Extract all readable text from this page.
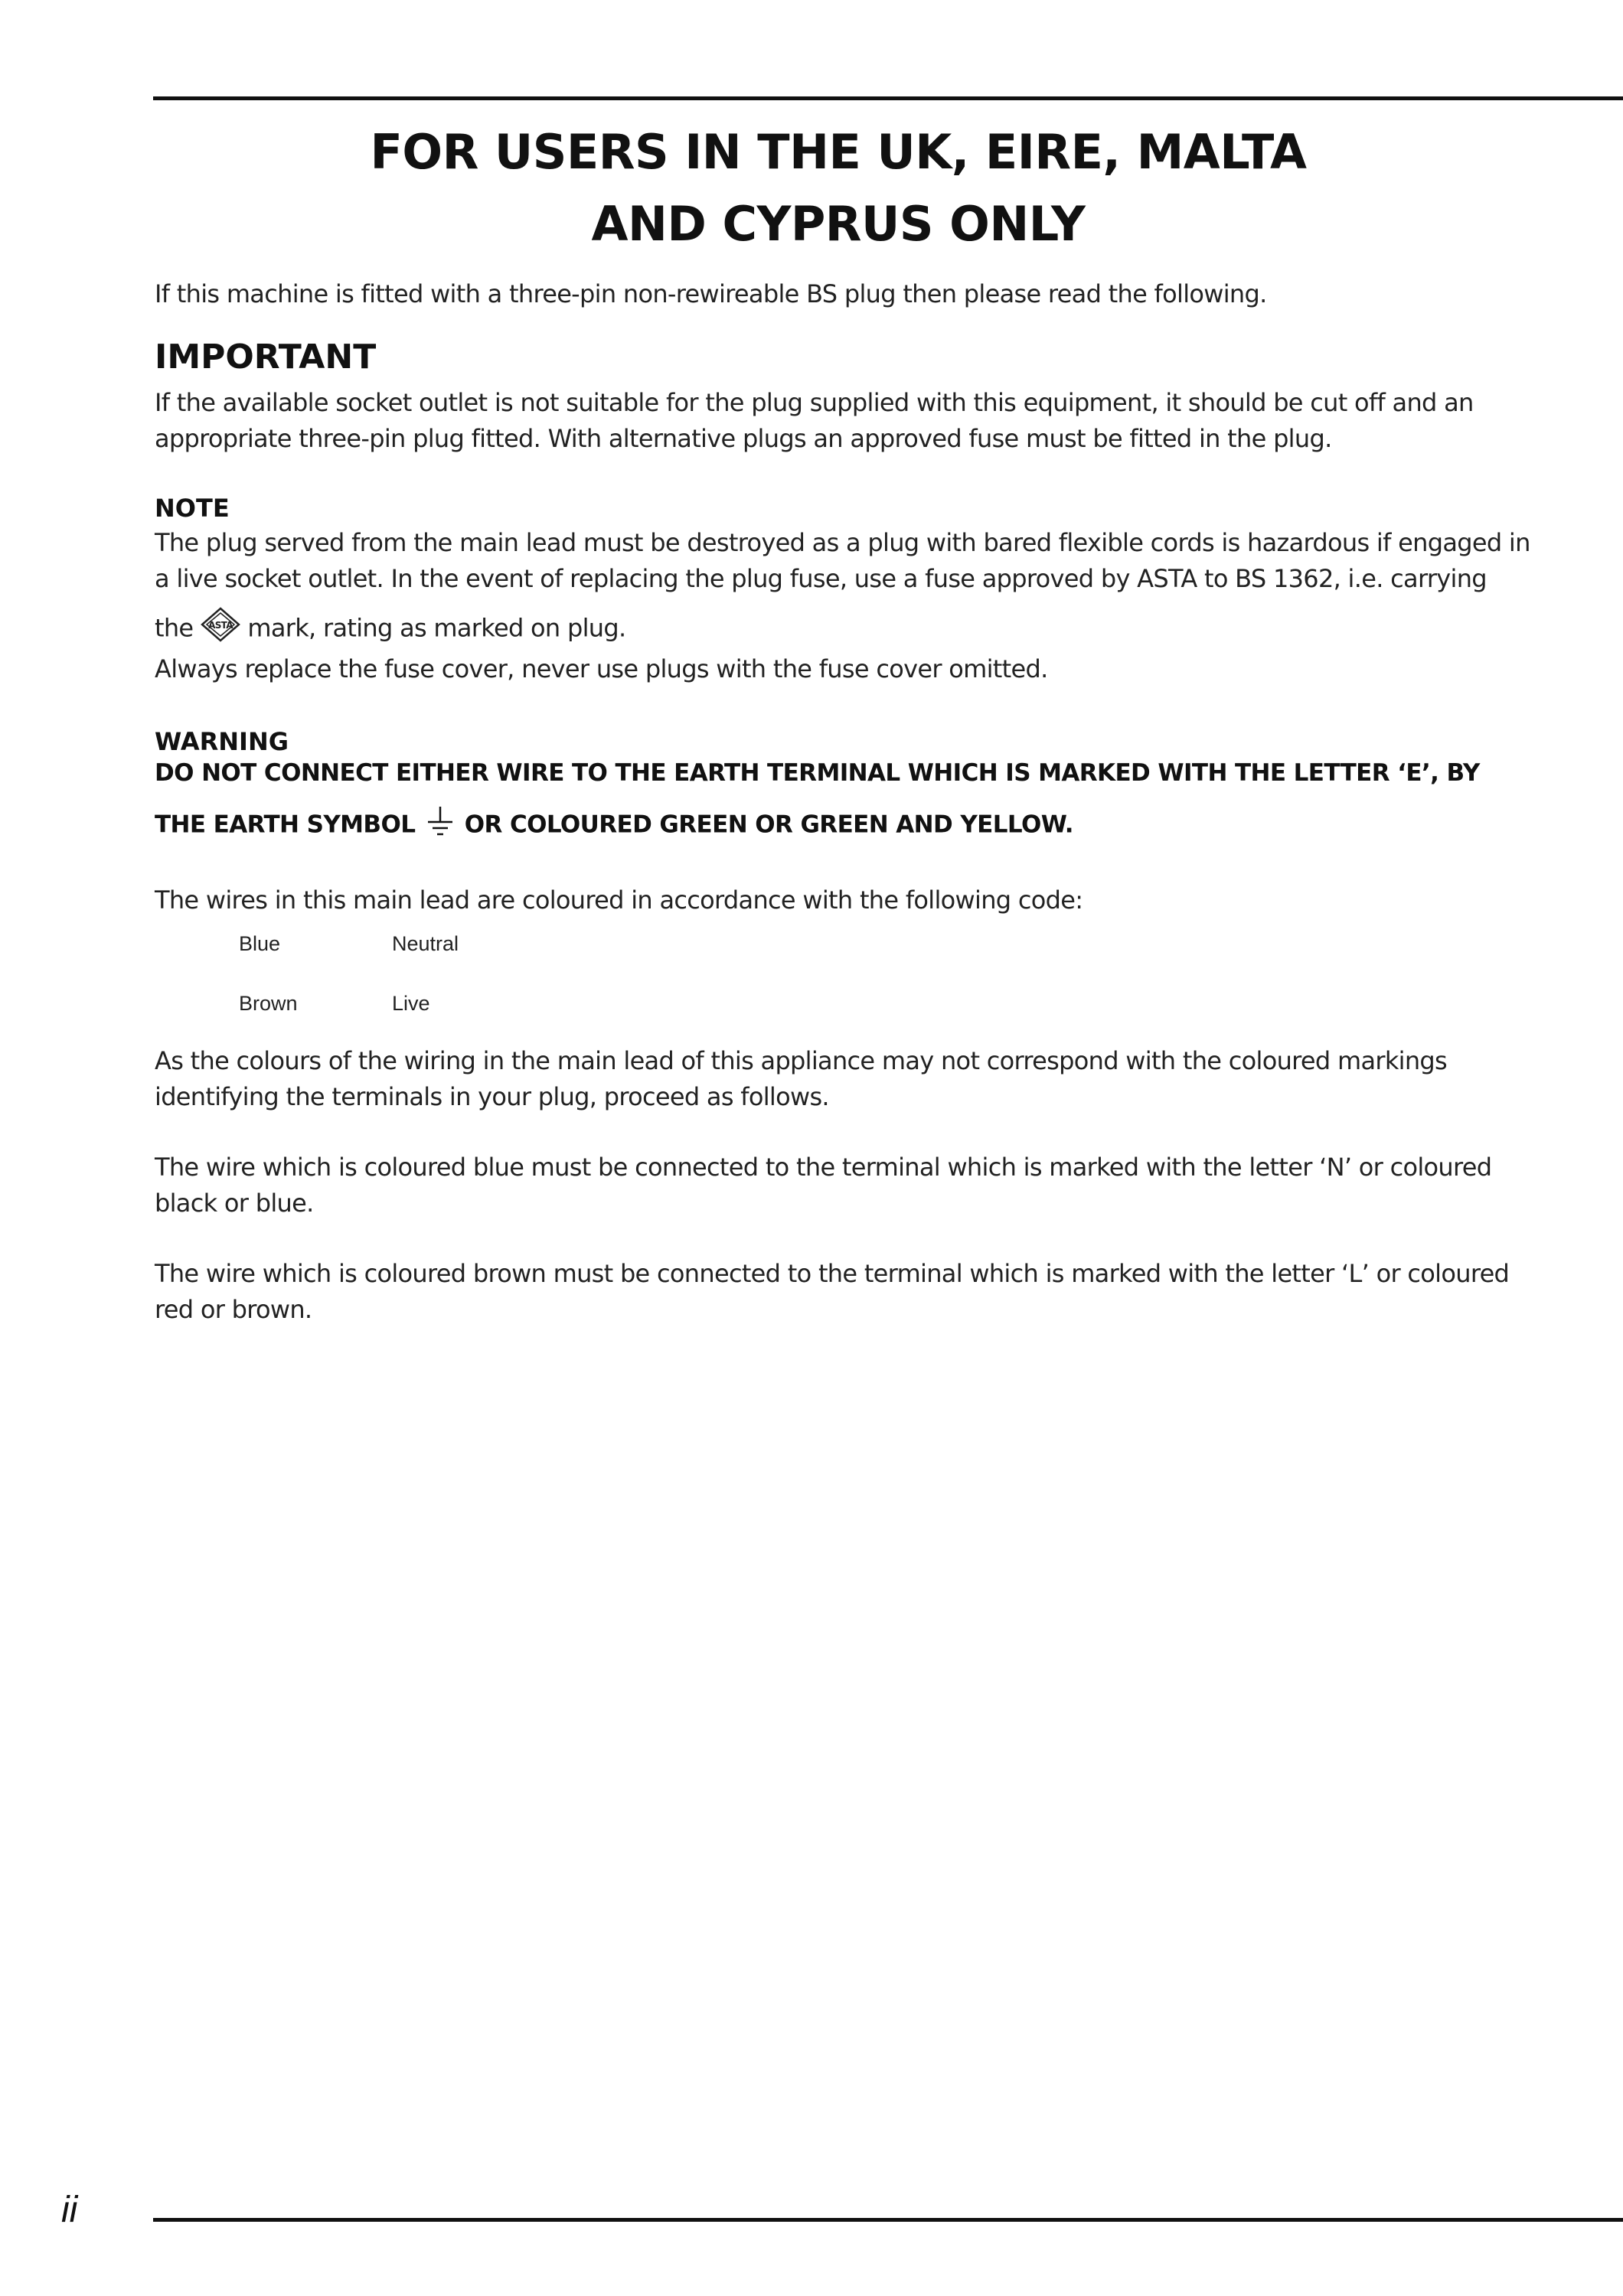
FOR USERS IN THE UK, EIRE, MALTA
AND CYPRUS ONLY
If this machine is fitted with a three-pin non-rewireable BS plug then please read the following.
IMPORTANT
If the available socket outlet is not suitable for the plug supplied with this equipment, it should be cut off and an
appropriate three-pin plug fitted. With alternative plugs an approved fuse must be fitted in the plug.
NOTE
The plug served from the main lead must be destroyed as a plug with bared flexible cords is hazardous if engaged in
a live socket outlet. In the event of replacing the plug fuse, use a fuse approved by ASTA to BS 1362, i.e. carrying
the ASTA mark, rating as marked on plug.
Always replace the fuse cover, never use plugs with the fuse cover omitted.
WARNING
DO NOT CONNECT EITHER WIRE TO THE EARTH TERMINAL WHICH IS MARKED WITH THE LETTER ‘E’, BY
THE EARTH SYMBOL OR COLOURED GREEN OR GREEN AND YELLOW.
The wires in this main lead are coloured in accordance with the following code:
Blue	Neutral
Brown	Live
As the colours of the wiring in the main lead of this appliance may not correspond with the coloured markings
identifying the terminals in your plug, proceed as follows.
The wire which is coloured blue must be connected to the terminal which is marked with the letter ‘N’ or coloured
black or blue.
The wire which is coloured brown must be connected to the terminal which is marked with the letter ‘L’ or coloured
red or brown.
ii
